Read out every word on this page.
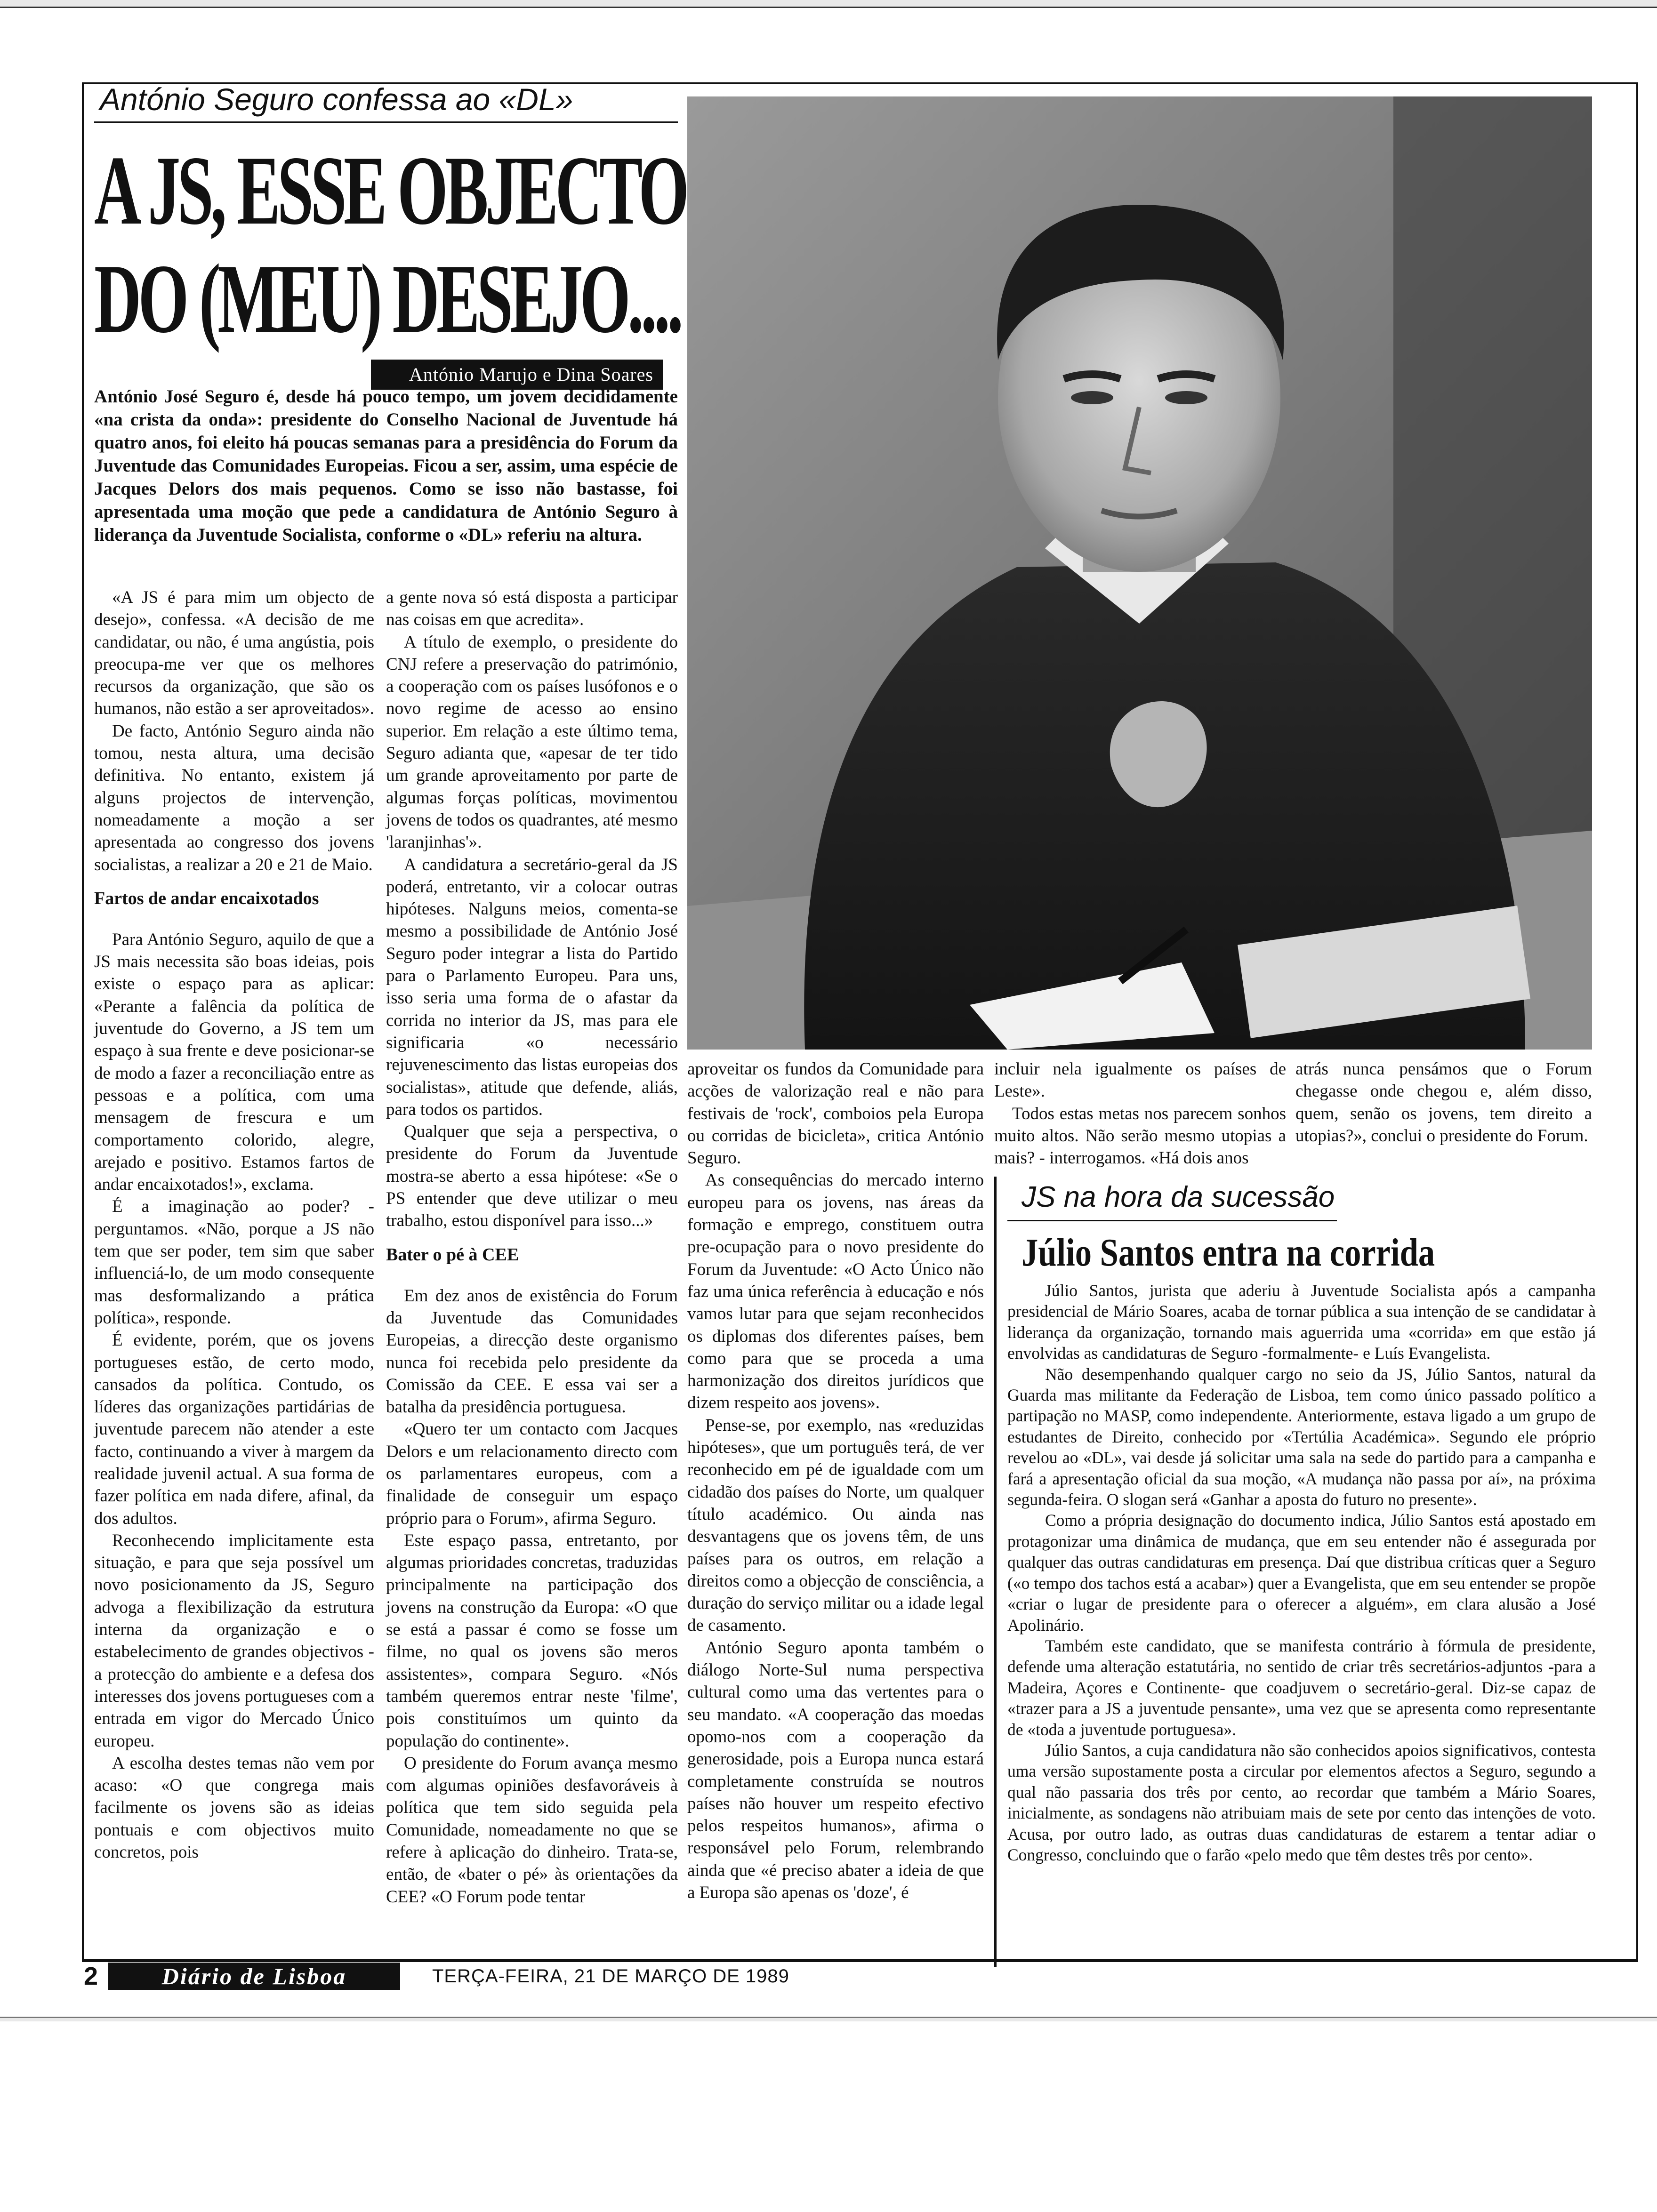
António Seguro confessa ao «DL»
A JS, ESSE OBJECTO
DO (MEU) DESEJO....
António Marujo e Dina Soares
António José Seguro é, desde há pouco tempo, um jovem decididamente «na crista da onda»: presidente do Conselho Nacional de Juventude há quatro anos, foi eleito há poucas semanas para a presidência do Forum da Juventude das Comunidades Europeias. Ficou a ser, assim, uma espécie de Jacques Delors dos mais pequenos. Como se isso não bastasse, foi apresentada uma moção que pede a candidatura de António Seguro à liderança da Juventude Socialista, conforme o «DL» referiu na altura.

«A JS é para mim um objecto de desejo», confessa. «A decisão de me candidatar, ou não, é uma angústia, pois preocupa-me ver que os melhores recursos da organização, que são os humanos, não estão a ser aproveitados».

De facto, António Seguro ainda não tomou, nesta altura, uma decisão definitiva. No entanto, existem já alguns projectos de intervenção, nomeadamente a moção a ser apresentada ao congresso dos jovens socialistas, a realizar a 20 e 21 de Maio.

Fartos de andar encaixotados

Para António Seguro, aquilo de que a JS mais necessita são boas ideias, pois existe o espaço para as aplicar: «Perante a falência da política de juventude do Governo, a JS tem um espaço à sua frente e deve posicionar-se de modo a fazer a reconciliação entre as pessoas e a política, com uma mensagem de frescura e um comportamento colorido, alegre, arejado e positivo. Estamos fartos de andar encaixotados!», exclama.

É a imaginação ao poder? - perguntamos. «Não, porque a JS não tem que ser poder, tem sim que saber influenciá-lo, de um modo consequente mas desformalizando a prática política», responde.

É evidente, porém, que os jovens portugueses estão, de certo modo, cansados da política. Contudo, os líderes das organizações partidárias de juventude parecem não atender a este facto, continuando a viver à margem da realidade juvenil actual. A sua forma de fazer política em nada difere, afinal, da dos adultos.

Reconhecendo implicitamente esta situação, e para que seja possível um novo posicionamento da JS, Seguro advoga a flexibilização da estrutura interna da organização e o estabelecimento de grandes objectivos - a protecção do ambiente e a defesa dos interesses dos jovens portugueses com a entrada em vigor do Mercado Único europeu.

A escolha destes temas não vem por acaso: «O que congrega mais facilmente os jovens são as ideias pontuais e com objectivos muito concretos, pois

a gente nova só está disposta a participar nas coisas em que acredita».

A título de exemplo, o presidente do CNJ refere a preservação do património, a cooperação com os países lusófonos e o novo regime de acesso ao ensino superior. Em relação a este último tema, Seguro adianta que, «apesar de ter tido um grande aproveitamento por parte de algumas forças políticas, movimentou jovens de todos os quadrantes, até mesmo 'laranjinhas'».

A candidatura a secretário-geral da JS poderá, entretanto, vir a colocar outras hipóteses. Nalguns meios, comenta-se mesmo a possibilidade de António José Seguro poder integrar a lista do Partido para o Parlamento Europeu. Para uns, isso seria uma forma de o afastar da corrida no interior da JS, mas para ele significaria «o necessário rejuvenescimento das listas europeias dos socialistas», atitude que defende, aliás, para todos os partidos.

Qualquer que seja a perspectiva, o presidente do Forum da Juventude mostra-se aberto a essa hipótese: «Se o PS entender que deve utilizar o meu trabalho, estou disponível para isso...»

Bater o pé à CEE

Em dez anos de existência do Forum da Juventude das Comunidades Europeias, a direcção deste organismo nunca foi recebida pelo presidente da Comissão da CEE. E essa vai ser a batalha da presidência portuguesa.

«Quero ter um contacto com Jacques Delors e um relacionamento directo com os parlamentares europeus, com a finalidade de conseguir um espaço próprio para o Forum», afirma Seguro.

Este espaço passa, entretanto, por algumas prioridades concretas, traduzidas principalmente na participação dos jovens na construção da Europa: «O que se está a passar é como se fosse um filme, no qual os jovens são meros assistentes», compara Seguro. «Nós também queremos entrar neste 'filme', pois constituímos um quinto da população do continente».

O presidente do Forum avança mesmo com algumas opiniões desfavoráveis à política que tem sido seguida pela Comunidade, nomeadamente no que se refere à aplicação do dinheiro. Trata-se, então, de «bater o pé» às orientações da CEE? «O Forum pode tentar

aproveitar os fundos da Comunidade para acções de valorização real e não para festivais de 'rock', comboios pela Europa ou corridas de bicicleta», critica António Seguro.

As consequências do mercado interno europeu para os jovens, nas áreas da formação e emprego, constituem outra pre-ocupação para o novo presidente do Forum da Juventude: «O Acto Único não faz uma única referência à educação e nós vamos lutar para que sejam reconhecidos os diplomas dos diferentes países, bem como para que se proceda a uma harmonização dos direitos jurídicos que dizem respeito aos jovens».

Pense-se, por exemplo, nas «reduzidas hipóteses», que um português terá, de ver reconhecido em pé de igualdade com um cidadão dos países do Norte, um qualquer título académico. Ou ainda nas desvantagens que os jovens têm, de uns países para os outros, em relação a direitos como a objecção de consciência, a duração do serviço militar ou a idade legal de casamento.

António Seguro aponta também o diálogo Norte-Sul numa perspectiva cultural como uma das vertentes para o seu mandato. «A cooperação das moedas opomo-nos com a cooperação da generosidade, pois a Europa nunca estará completamente construída se noutros países não houver um respeito efectivo pelos respeitos humanos», afirma o responsável pelo Forum, relembrando ainda que «é preciso abater a ideia de que a Europa são apenas os 'doze', é

incluir nela igualmente os países de Leste».

Todos estas metas nos parecem sonhos muito altos. Não serão mesmo utopias a mais? - interrogamos. «Há dois anos

atrás nunca pensámos que o Forum chegasse onde chegou e, além disso, quem, senão os jovens, tem direito a utopias?», conclui o presidente do Forum.

JS na hora da sucessão
Júlio Santos entra na corrida

Júlio Santos, jurista que aderiu à Juventude Socialista após a campanha presidencial de Mário Soares, acaba de tornar pública a sua intenção de se candidatar à liderança da organização, tornando mais aguerrida uma «corrida» em que estão já envolvidas as candidaturas de Seguro -formalmente- e Luís Evangelista.

Não desempenhando qualquer cargo no seio da JS, Júlio Santos, natural da Guarda mas militante da Federação de Lisboa, tem como único passado político a partipação no MASP, como independente. Anteriormente, estava ligado a um grupo de estudantes de Direito, conhecido por «Tertúlia Académica». Segundo ele próprio revelou ao «DL», vai desde já solicitar uma sala na sede do partido para a campanha e fará a apresentação oficial da sua moção, «A mudança não passa por aí», na próxima segunda-feira. O slogan será «Ganhar a aposta do futuro no presente».

Como a própria designação do documento indica, Júlio Santos está apostado em protagonizar uma dinâmica de mudança, que em seu entender não é assegurada por qualquer das outras candidaturas em presença. Daí que distribua críticas quer a Seguro («o tempo dos tachos está a acabar») quer a Evangelista, que em seu entender se propõe «criar o lugar de presidente para o oferecer a alguém», em clara alusão a José Apolinário.

Também este candidato, que se manifesta contrário à fórmula de presidente, defende uma alteração estatutária, no sentido de criar três secretários-adjuntos -para a Madeira, Açores e Continente- que coadjuvem o secretário-geral. Diz-se capaz de «trazer para a JS a juventude pensante», uma vez que se apresenta como representante de «toda a juventude portuguesa».

Júlio Santos, a cuja candidatura não são conhecidos apoios significativos, contesta uma versão supostamente posta a circular por elementos afectos a Seguro, segundo a qual não passaria dos três por cento, ao recordar que também a Mário Soares, inicialmente, as sondagens não atribuiam mais de sete por cento das intenções de voto. Acusa, por outro lado, as outras duas candidaturas de estarem a tentar adiar o Congresso, concluindo que o farão «pelo medo que têm destes três por cento».

2	Diário de Lisboa	TERÇA-FEIRA, 21 DE MARÇO DE 1989
